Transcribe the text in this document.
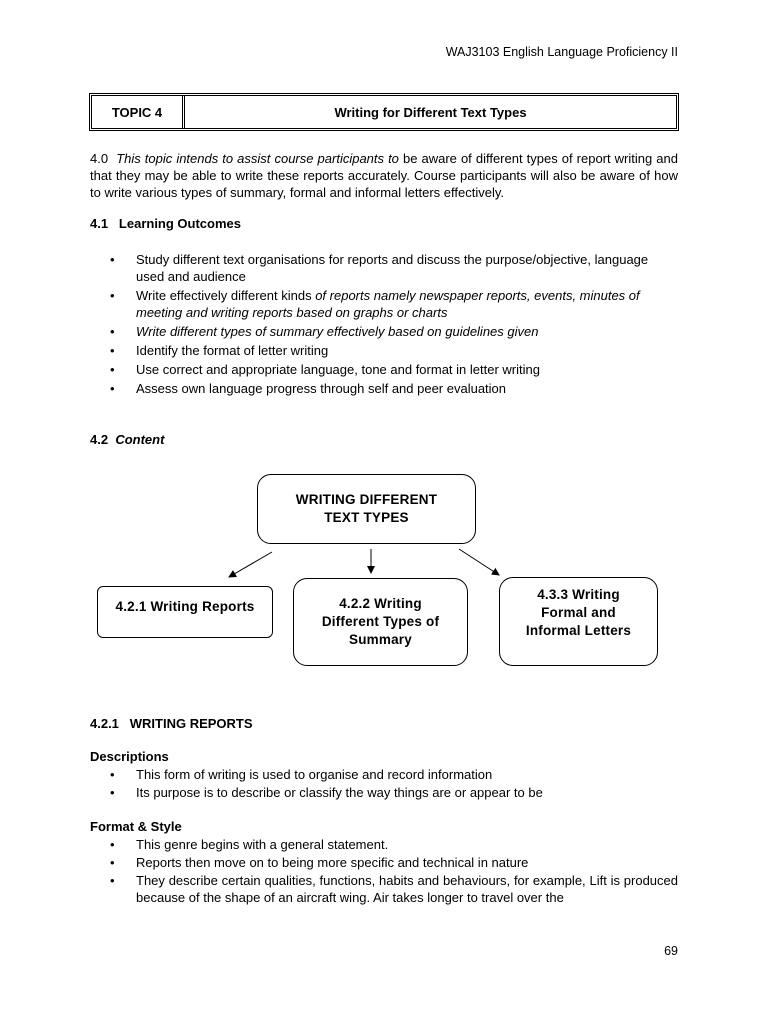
WAJ3103 English Language Proficiency II
TOPIC 4	Writing for Different Text Types
4.0 This topic intends to assist course participants to be aware of different types of report writing and that they may be able to write these reports accurately. Course participants will also be aware of how to write various types of summary, formal and informal letters effectively.
4.1 Learning Outcomes
• Study different text organisations for reports and discuss the purpose/objective, language used and audience
• Write effectively different kinds of reports namely newspaper reports, events, minutes of meeting and writing reports based on graphs or charts
• Write different types of summary effectively based on guidelines given
• Identify the format of letter writing
• Use correct and appropriate language, tone and format in letter writing
• Assess own language progress through self and peer evaluation
4.2 Content
WRITING DIFFERENT TEXT TYPES
4.2.1 Writing Reports	4.2.2 Writing Different Types of Summary
4.3.3 Writing Formal and Informal Letters
4.2.1 WRITING REPORTS
Descriptions
• This form of writing is used to organise and record information
• Its purpose is to describe or classify the way things are or appear to be
Format & Style
• This genre begins with a general statement.
• Reports then move on to being more specific and technical in nature
• They describe certain qualities, functions, habits and behaviours, for example, Lift is produced because of the shape of an aircraft wing. Air takes longer to travel over the
69
